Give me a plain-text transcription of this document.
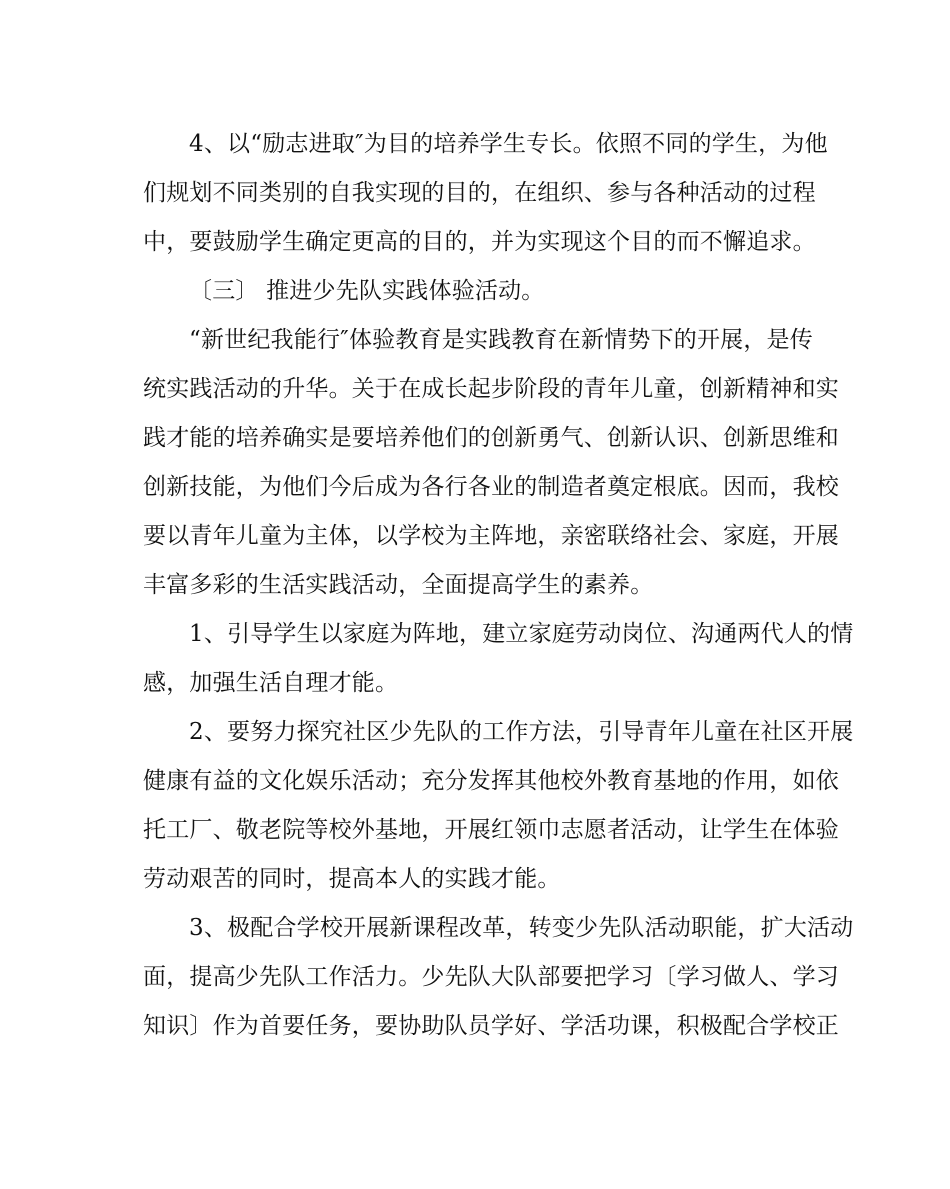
4、以“励志进取″为目的培养学生专长。依照不同的学生，为他
们规划不同类别的自我实现的目的，在组织、参与各种活动的过程
中，要鼓励学生确定更高的目的，并为实现这个目的而不懈追求。
〔三〕 推进少先队实践体验活动。
“新世纪我能行″体验教育是实践教育在新情势下的开展，是传
统实践活动的升华。关于在成长起步阶段的青年儿童，创新精神和实
践才能的培养确实是要培养他们的创新勇气、创新认识、创新思维和
创新技能，为他们今后成为各行各业的制造者奠定根底。因而，我校
要以青年儿童为主体，以学校为主阵地，亲密联络社会、家庭，开展
丰富多彩的生活实践活动，全面提高学生的素养。
1、引导学生以家庭为阵地，建立家庭劳动岗位、沟通两代人的情
感，加强生活自理才能。
2、要努力探究社区少先队的工作方法，引导青年儿童在社区开展
健康有益的文化娱乐活动；充分发挥其他校外教育基地的作用，如依
托工厂、敬老院等校外基地，开展红领巾志愿者活动，让学生在体验
劳动艰苦的同时，提高本人的实践才能。
3、极配合学校开展新课程改革，转变少先队活动职能，扩大活动
面，提高少先队工作活力。少先队大队部要把学习〔学习做人、学习
知识〕作为首要任务，要协助队员学好、学活功课，积极配合学校正
